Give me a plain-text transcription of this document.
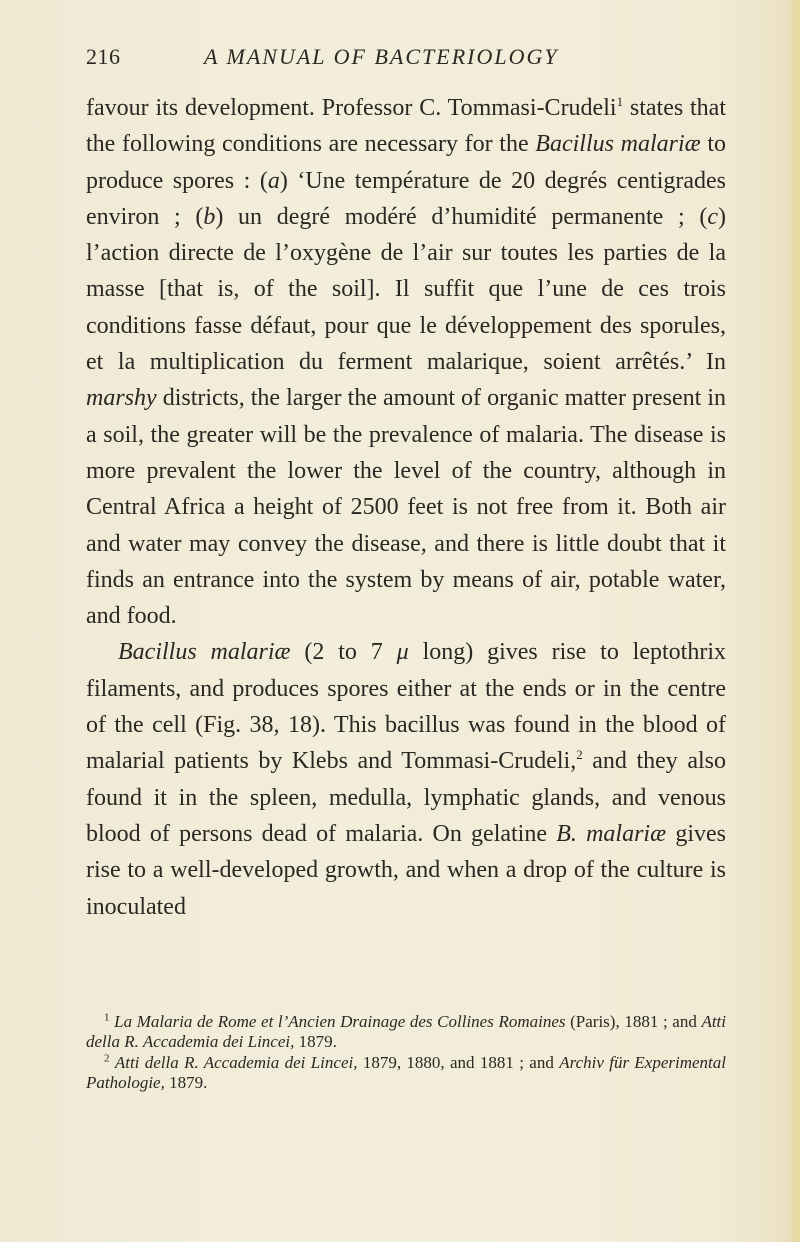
216	A MANUAL OF BACTERIOLOGY

favour its development. Professor C. Tommasi-Crudeli$^1$ states that the following conditions are necessary for the Bacillus malariæ to produce spores : (a) ‘Une température de 20 degrés centigrades environ ; (b) un degré modéré d’humidité permanente ; (c) l’action directe de l’oxygène de l’air sur toutes les parties de la masse [that is, of the soil]. Il suffit que l’une de ces trois conditions fasse défaut, pour que le développement des sporules, et la multiplication du ferment malarique, soient arrêtés.’ In marshy districts, the larger the amount of organic matter present in a soil, the greater will be the prevalence of malaria. The disease is more prevalent the lower the level of the country, although in Central Africa a height of 2500 feet is not free from it. Both air and water may convey the disease, and there is little doubt that it finds an entrance into the system by means of air, potable water, and food.

Bacillus malariæ (2 to 7 μ long) gives rise to leptothrix filaments, and produces spores either at the ends or in the centre of the cell (Fig. 38, 18). This bacillus was found in the blood of malarial patients by Klebs and Tommasi-Crudeli,$^2$ and they also found it in the spleen, medulla, lymphatic glands, and venous blood of persons dead of malaria. On gelatine B. malariæ gives rise to a well-developed growth, and when a drop of the culture is inoculated

$^1$ La Malaria de Rome et l’Ancien Drainage des Collines Romaines (Paris), 1881 ; and Atti della R. Accademia dei Lincei, 1879.

$^2$ Atti della R. Accademia dei Lincei, 1879, 1880, and 1881 ; and Archiv für Experimental Pathologie, 1879.
